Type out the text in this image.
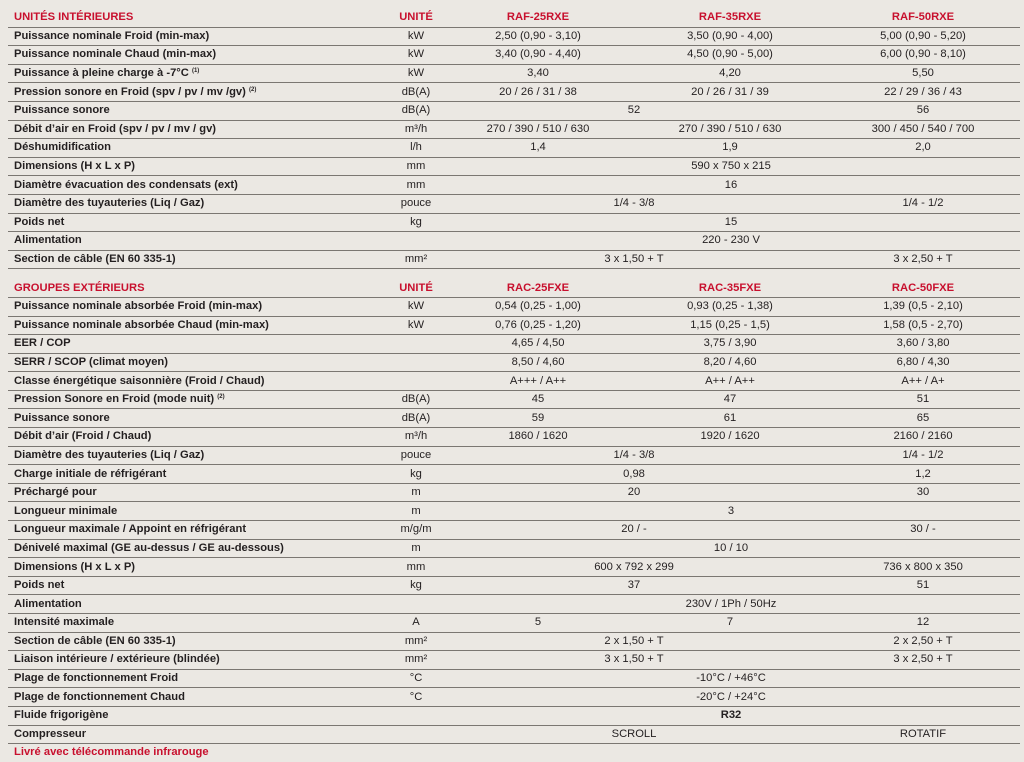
UNITÉS INTÉRIEURES	UNITÉ	RAF-25RXE	RAF-35RXE	RAF-50RXE
Puissance nominale Froid (min-max)	kW	2,50 (0,90 - 3,10)	3,50 (0,90 - 4,00)	5,00 (0,90 - 5,20)
Puissance nominale Chaud (min-max)	kW	3,40 (0,90 - 4,40)	4,50 (0,90 - 5,00)	6,00 (0,90 - 8,10)
Puissance à pleine charge à -7°C $^{(1)}$	kW	3,40	4,20	5,50
Pression sonore en Froid (spv / pv / mv /gv) $^{(2)}$	dB(A)	20 / 26 / 31 / 38	20 / 26 / 31 / 39	22 / 29 / 36 / 43
Puissance sonore	dB(A)	52		56
Débit d’air en Froid (spv / pv / mv / gv)	m³/h	270 / 390 / 510 / 630	270 / 390 / 510 / 630	300 / 450 / 540 / 700
Déshumidification	l/h	1,4	1,9	2,0
Dimensions (H x L x P)	mm	590 x 750 x 215		
Diamètre évacuation des condensats (ext)	mm	16		
Diamètre des tuyauteries (Liq / Gaz)	pouce	1/4 - 3/8		1/4 - 1/2
Poids net	kg	15		
Alimentation		220 - 230 V		
Section de câble (EN 60 335-1)	mm²	3 x 1,50 + T		3 x 2,50 + T

GROUPES EXTÉRIEURS	UNITÉ	RAC-25FXE	RAC-35FXE	RAC-50FXE
Puissance nominale absorbée Froid (min-max)	kW	0,54 (0,25 - 1,00)	0,93 (0,25 - 1,38)	1,39 (0,5 - 2,10)
Puissance nominale absorbée Chaud (min-max)	kW	0,76 (0,25 - 1,20)	1,15 (0,25 - 1,5)	1,58 (0,5 - 2,70)
EER / COP		4,65 / 4,50	3,75 / 3,90	3,60 / 3,80
SERR / SCOP (climat moyen)		8,50 / 4,60	8,20 / 4,60	6,80 / 4,30
Classe énergétique saisonnière (Froid / Chaud)		A+++ / A++	A++ / A++	A++ / A+
Pression Sonore en Froid (mode nuit) $^{(2)}$	dB(A)	45	47	51
Puissance sonore	dB(A)	59	61	65
Débit d’air (Froid / Chaud)	m³/h	1860 / 1620	1920 / 1620	2160 / 2160
Diamètre des tuyauteries (Liq / Gaz)	pouce	1/4 - 3/8		1/4 - 1/2
Charge initiale de réfrigérant	kg	0,98		1,2
Préchargé pour	m	20		30
Longueur minimale	m	3		
Longueur maximale / Appoint en réfrigérant	m/g/m	20 / -		30 / -
Dénivelé maximal (GE au-dessus / GE au-dessous)	m	10 / 10		
Dimensions (H x L x P)	mm	600 x 792 x 299		736 x 800 x 350
Poids net	kg	37		51
Alimentation		230V / 1Ph / 50Hz		
Intensité maximale	A	5	7	12
Section de câble (EN 60 335-1)	mm²	2 x 1,50 + T		2 x 2,50 + T
Liaison intérieure / extérieure (blindée)	mm²	3 x 1,50 + T		3 x 2,50 + T
Plage de fonctionnement Froid	°C	-10°C / +46°C		
Plage de fonctionnement Chaud	°C	-20°C / +24°C		
Fluide frigorigène		R32		
Compresseur		SCROLL		ROTATIF
Livré avec télécommande infrarouge				
